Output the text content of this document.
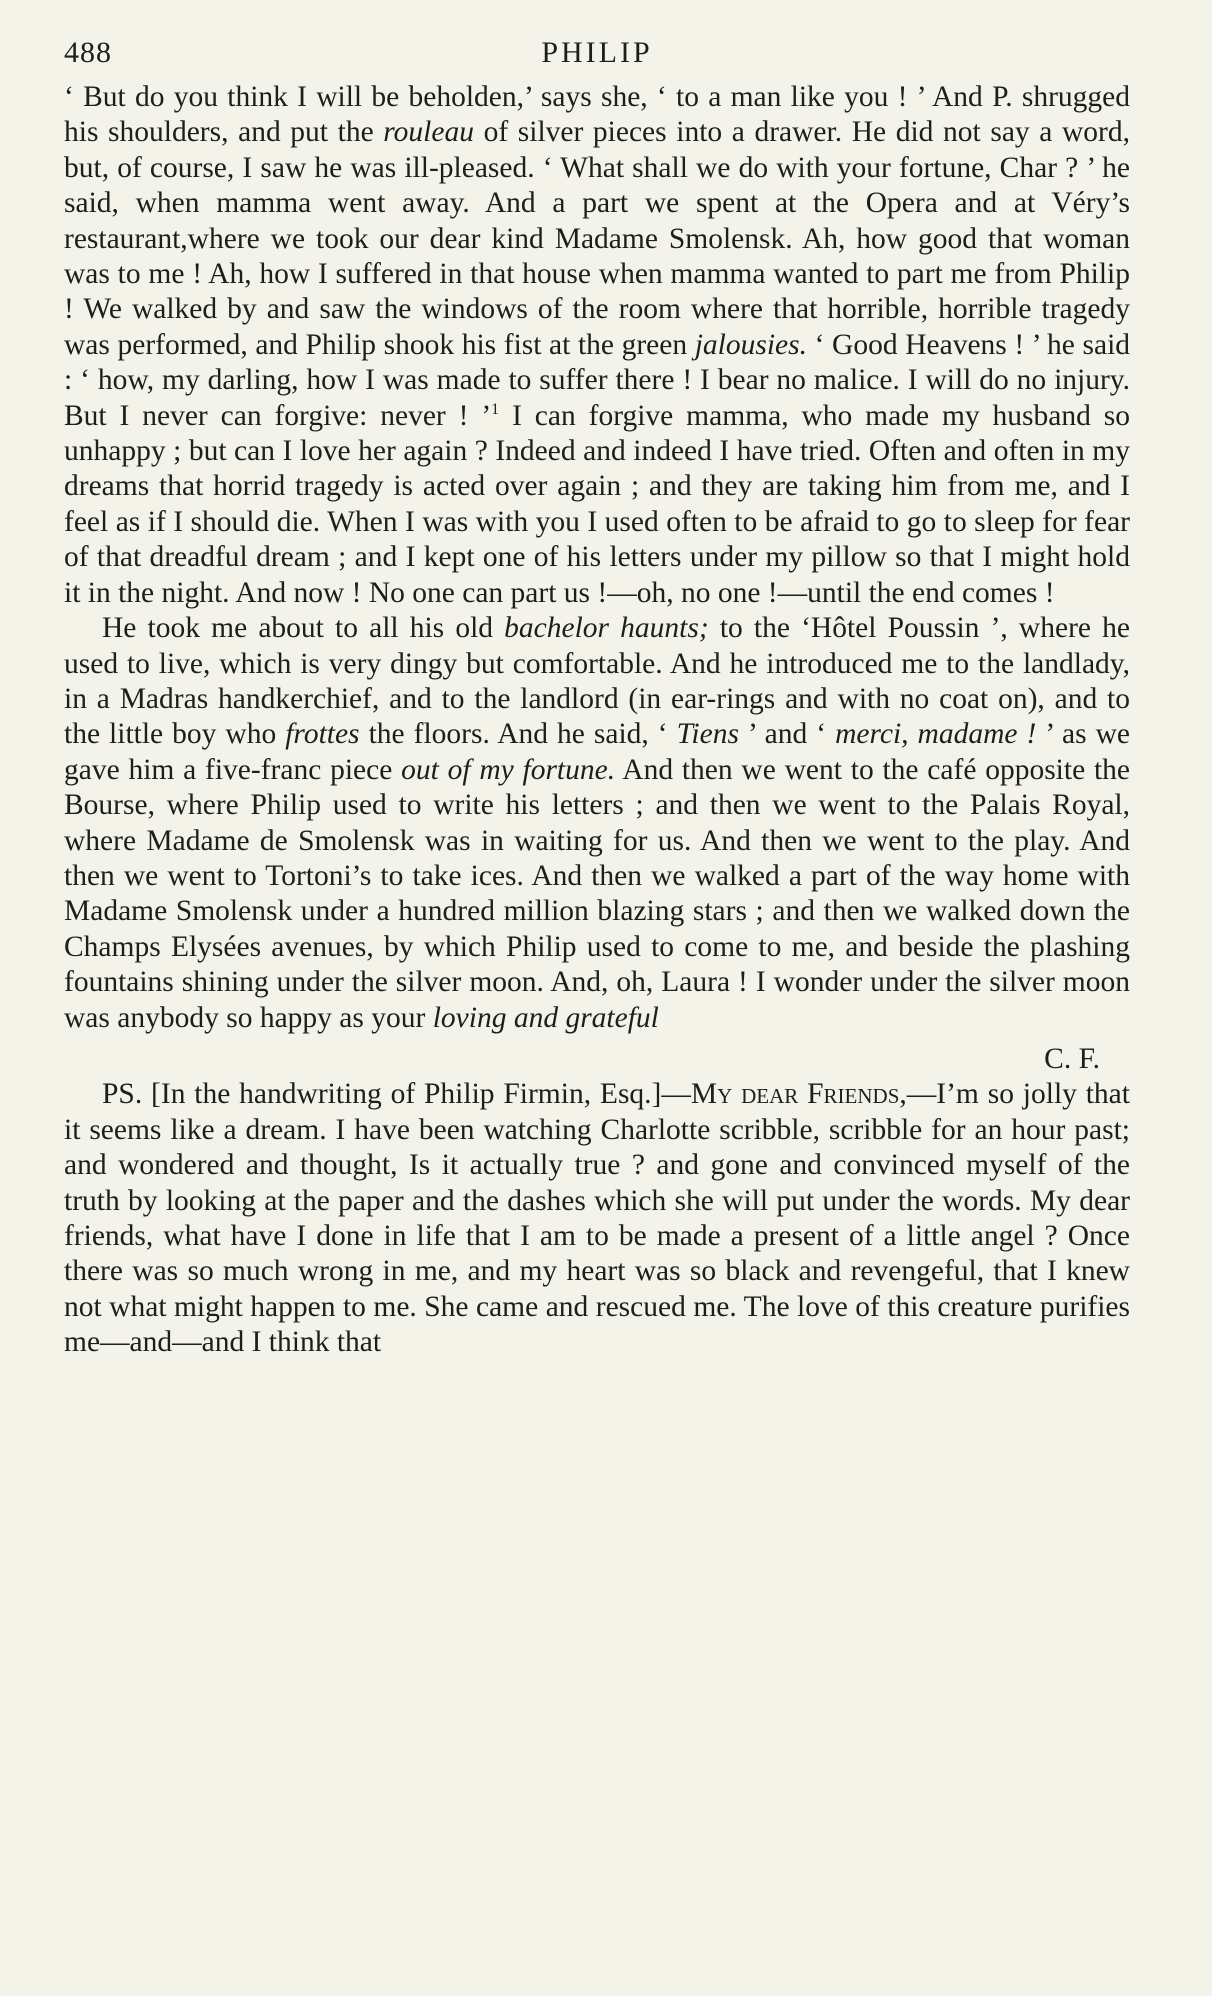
488	PHILIP

‘ But do you think I will be beholden,’ says she, ‘ to a man like you ! ’ And P. shrugged his shoulders, and put the rouleau of silver pieces into a drawer. He did not say a word, but, of course, I saw he was ill-pleased. ‘ What shall we do with your fortune, Char ? ’ he said, when mamma went away. And a part we spent at the Opera and at Véry’s restaurant,where we took our dear kind Madame Smolensk. Ah, how good that woman was to me ! Ah, how I suffered in that house when mamma wanted to part me from Philip ! We walked by and saw the windows of the room where that horrible, horrible tragedy was performed, and Philip shook his fist at the green jalousies. ‘ Good Heavens ! ’ he said : ‘ how, my darling, how I was made to suffer there ! I bear no malice. I will do no injury. But I never can forgive: never ! ’$^1$ I can forgive mamma, who made my husband so unhappy ; but can I love her again ? Indeed and indeed I have tried. Often and often in my dreams that horrid tragedy is acted over again ; and they are taking him from me, and I feel as if I should die. When I was with you I used often to be afraid to go to sleep for fear of that dreadful dream ; and I kept one of his letters under my pillow so that I might hold it in the night. And now ! No one can part us !—oh, no one !—until the end comes !

He took me about to all his old bachelor haunts; to the ‘Hôtel Poussin ’, where he used to live, which is very dingy but comfortable. And he introduced me to the landlady, in a Madras handkerchief, and to the landlord (in ear-rings and with no coat on), and to the little boy who frottes the floors. And he said, ‘ Tiens ’ and ‘ merci, madame ! ’ as we gave him a five-franc piece out of my fortune. And then we went to the café opposite the Bourse, where Philip used to write his letters ; and then we went to the Palais Royal, where Madame de Smolensk was in waiting for us. And then we went to the play. And then we went to Tortoni’s to take ices. And then we walked a part of the way home with Madame Smolensk under a hundred million blazing stars ; and then we walked down the Champs Elysées avenues, by which Philip used to come to me, and beside the plashing fountains shining under the silver moon. And, oh, Laura ! I wonder under the silver moon was anybody so happy as your loving and grateful

C. F.

PS. [In the handwriting of Philip Firmin, Esq.]—My dear Friends,—I’m so jolly that it seems like a dream. I have been watching Charlotte scribble, scribble for an hour past; and wondered and thought, Is it actually true ? and gone and convinced myself of the truth by looking at the paper and the dashes which she will put under the words. My dear friends, what have I done in life that I am to be made a present of a little angel ? Once there was so much wrong in me, and my heart was so black and revengeful, that I knew not what might happen to me. She came and rescued me. The love of this creature purifies me—and—and I think that
